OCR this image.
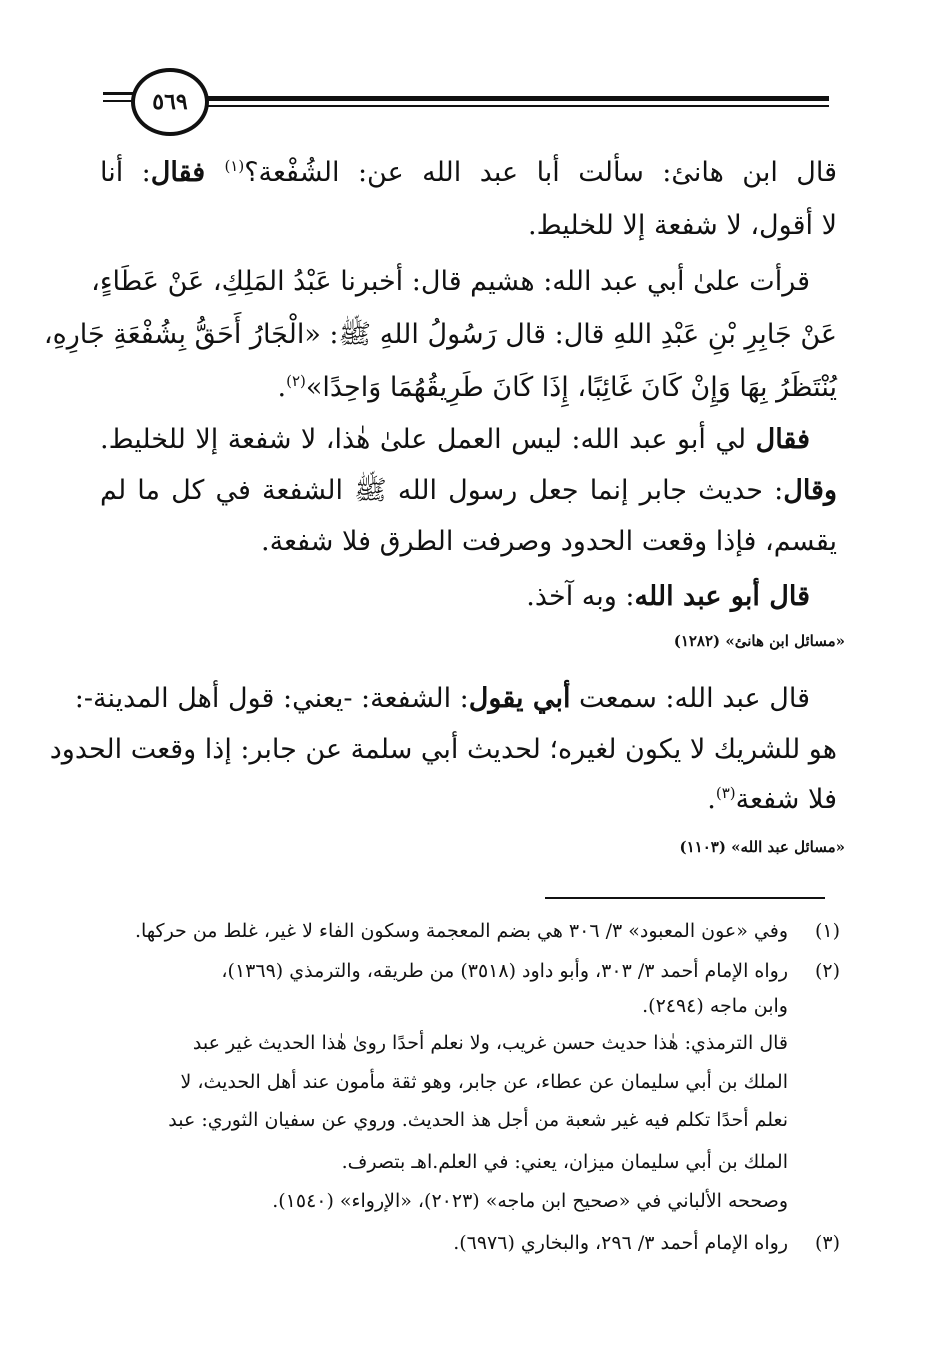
٥٦٩
قال ابن هانئ: سألت أبا عبد الله عن: الشُفْعة؟$^{(١)}$ فقال: أنا
لا أقول، لا شفعة إلا للخليط.
قرأت علىٰ أبي عبد الله: هشيم قال: أخبرنا عَبْدُ المَلِكِ، عَنْ عَطَاءٍ،
عَنْ جَابِرِ بْنِ عَبْدِ اللهِ قال: قال رَسُولُ اللهِ ﷺ: «الْجَارُ أَحَقُّ بِشُفْعَةِ جَارِهِ،
يُنْتَظَرُ بِهَا وَإِنْ كَانَ غَائِبًا، إِذَا كَانَ طَرِيقُهُمَا وَاحِدًا»$^{(٢)}$.
فقال لي أبو عبد الله: ليس العمل علىٰ هٰذا، لا شفعة إلا للخليط.
وقال: حديث جابر إنما جعل رسول الله ﷺ الشفعة في كل ما لم
يقسم، فإذا وقعت الحدود وصرفت الطرق فلا شفعة.
قال أبو عبد الله: وبه آخذ.
«مسائل ابن هانئ» (١٢٨٢)
قال عبد الله: سمعت أبي يقول: الشفعة: -يعني: قول أهل المدينة-:
هو للشريك لا يكون لغيره؛ لحديث أبي سلمة عن جابر: إذا وقعت الحدود
فلا شفعة$^{(٣)}$.
«مسائل عبد الله» (١١٠٣)
(١)
وفي «عون المعبود» ٣/ ٣٠٦ هي بضم المعجمة وسكون الفاء لا غير، غلط من حركها.
(٢)
رواه الإمام أحمد ٣/ ٣٠٣، وأبو داود (٣٥١٨) من طريقه، والترمذي (١٣٦٩)،
وابن ماجه (٢٤٩٤).
قال الترمذي: هٰذا حديث حسن غريب، ولا نعلم أحدًا روىٰ هٰذا الحديث غير عبد
الملك بن أبي سليمان عن عطاء، عن جابر، وهو ثقة مأمون عند أهل الحديث، لا
نعلم أحدًا تكلم فيه غير شعبة من أجل هذ الحديث. وروي عن سفيان الثوري: عبد
الملك بن أبي سليمان ميزان، يعني: في العلم.اهـ بتصرف.
وصححه الألباني في «صحيح ابن ماجه» (٢٠٢٣)، «الإرواء» (١٥٤٠).
(٣)
رواه الإمام أحمد ٣/ ٢٩٦، والبخاري (٦٩٧٦).
